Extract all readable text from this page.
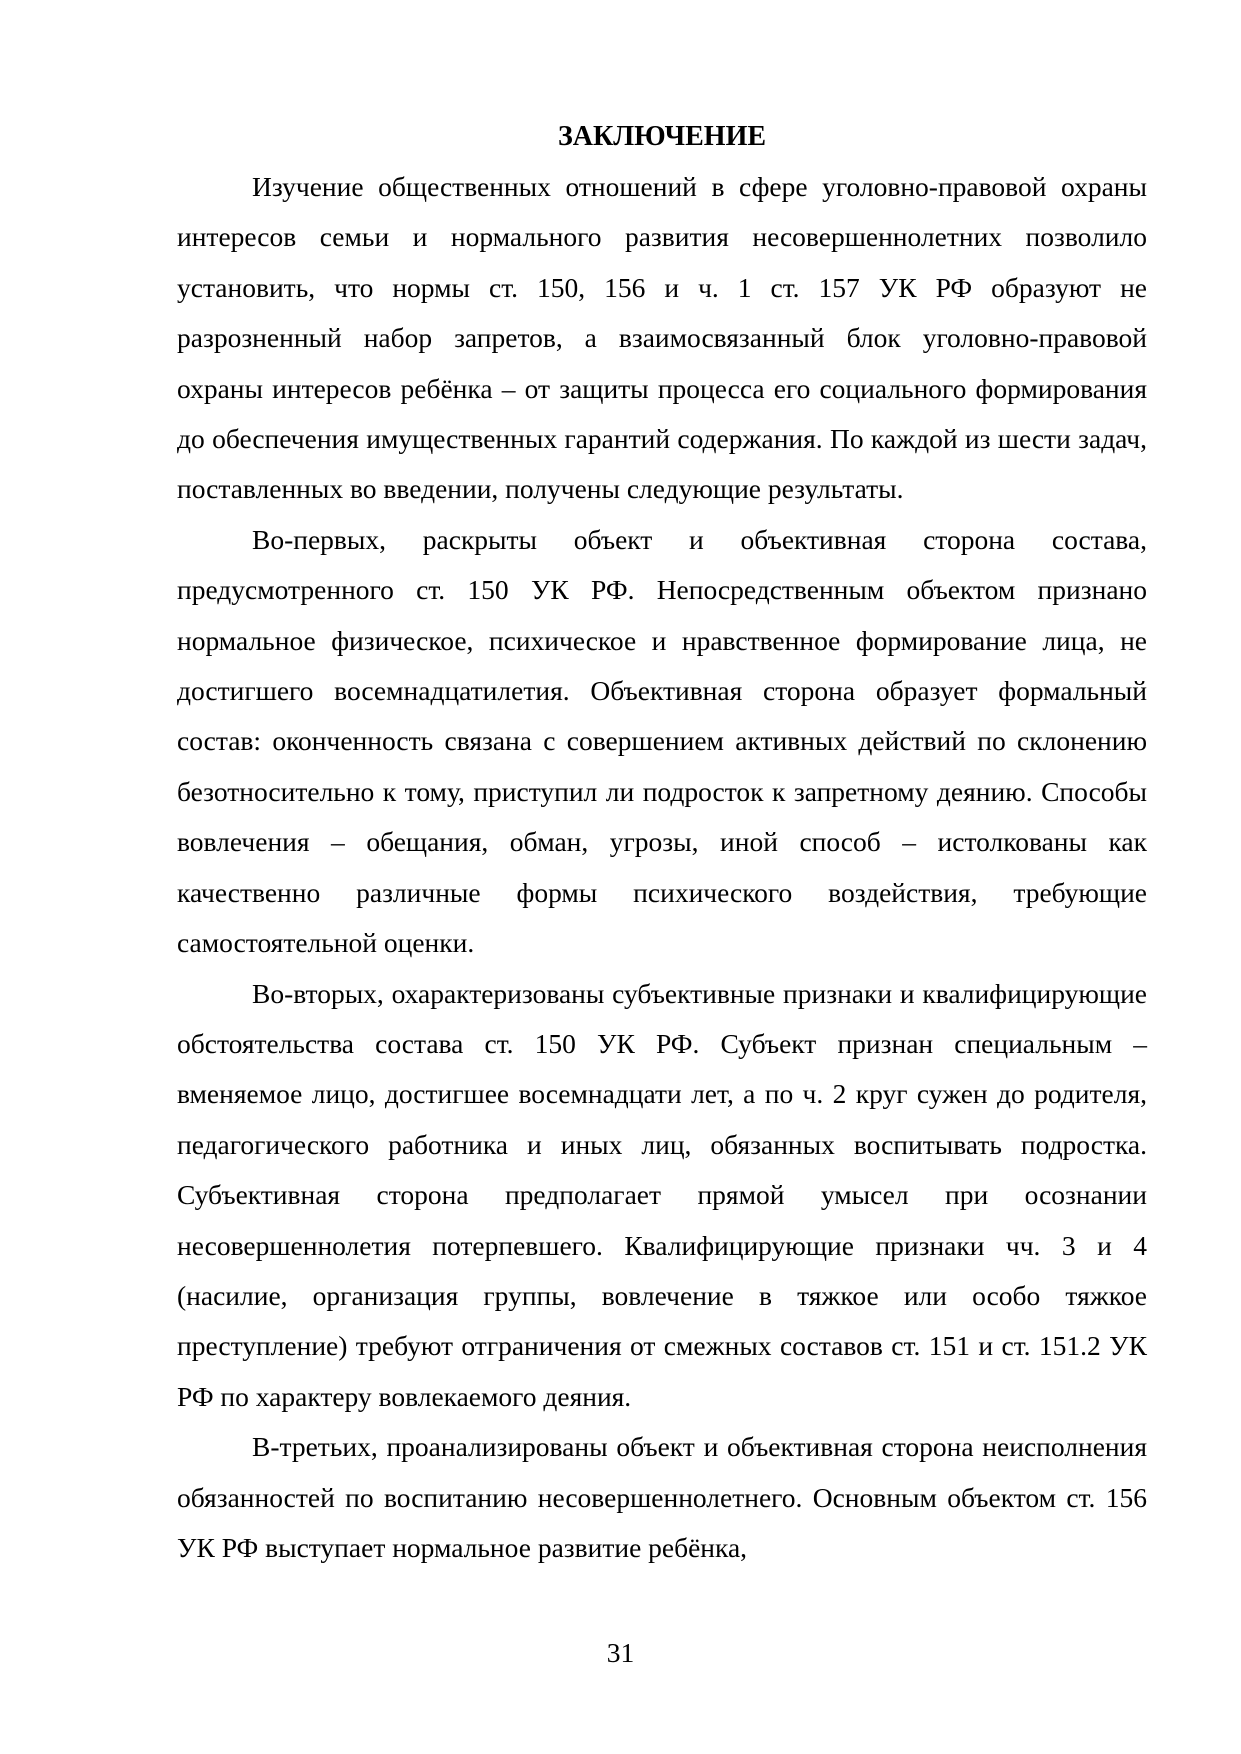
ЗАКЛЮЧЕНИЕ

Изучение общественных отношений в сфере уголовно-правовой охраны интересов семьи и нормального развития несовершеннолетних позволило установить, что нормы ст. 150, 156 и ч. 1 ст. 157 УК РФ образуют не разрозненный набор запретов, а взаимосвязанный блок уголовно-правовой охраны интересов ребёнка – от защиты процесса его социального формирования до обеспечения имущественных гарантий содержания. По каждой из шести задач, поставленных во введении, получены следующие результаты.

Во-первых, раскрыты объект и объективная сторона состава, предусмотренного ст. 150 УК РФ. Непосредственным объектом признано нормальное физическое, психическое и нравственное формирование лица, не достигшего восемнадцатилетия. Объективная сторона образует формальный состав: оконченность связана с совершением активных действий по склонению безотносительно к тому, приступил ли подросток к запретному деянию. Способы вовлечения – обещания, обман, угрозы, иной способ – истолкованы как качественно различные формы психического воздействия, требующие самостоятельной оценки.

Во-вторых, охарактеризованы субъективные признаки и квалифицирующие обстоятельства состава ст. 150 УК РФ. Субъект признан специальным – вменяемое лицо, достигшее восемнадцати лет, а по ч. 2 круг сужен до родителя, педагогического работника и иных лиц, обязанных воспитывать подростка. Субъективная сторона предполагает прямой умысел при осознании несовершеннолетия потерпевшего. Квалифицирующие признаки чч. 3 и 4 (насилие, организация группы, вовлечение в тяжкое или особо тяжкое преступление) требуют отграничения от смежных составов ст. 151 и ст. 151.2 УК РФ по характеру вовлекаемого деяния.

В-третьих, проанализированы объект и объективная сторона неисполнения обязанностей по воспитанию несовершеннолетнего. Основным объектом ст. 156 УК РФ выступает нормальное развитие ребёнка,

31
